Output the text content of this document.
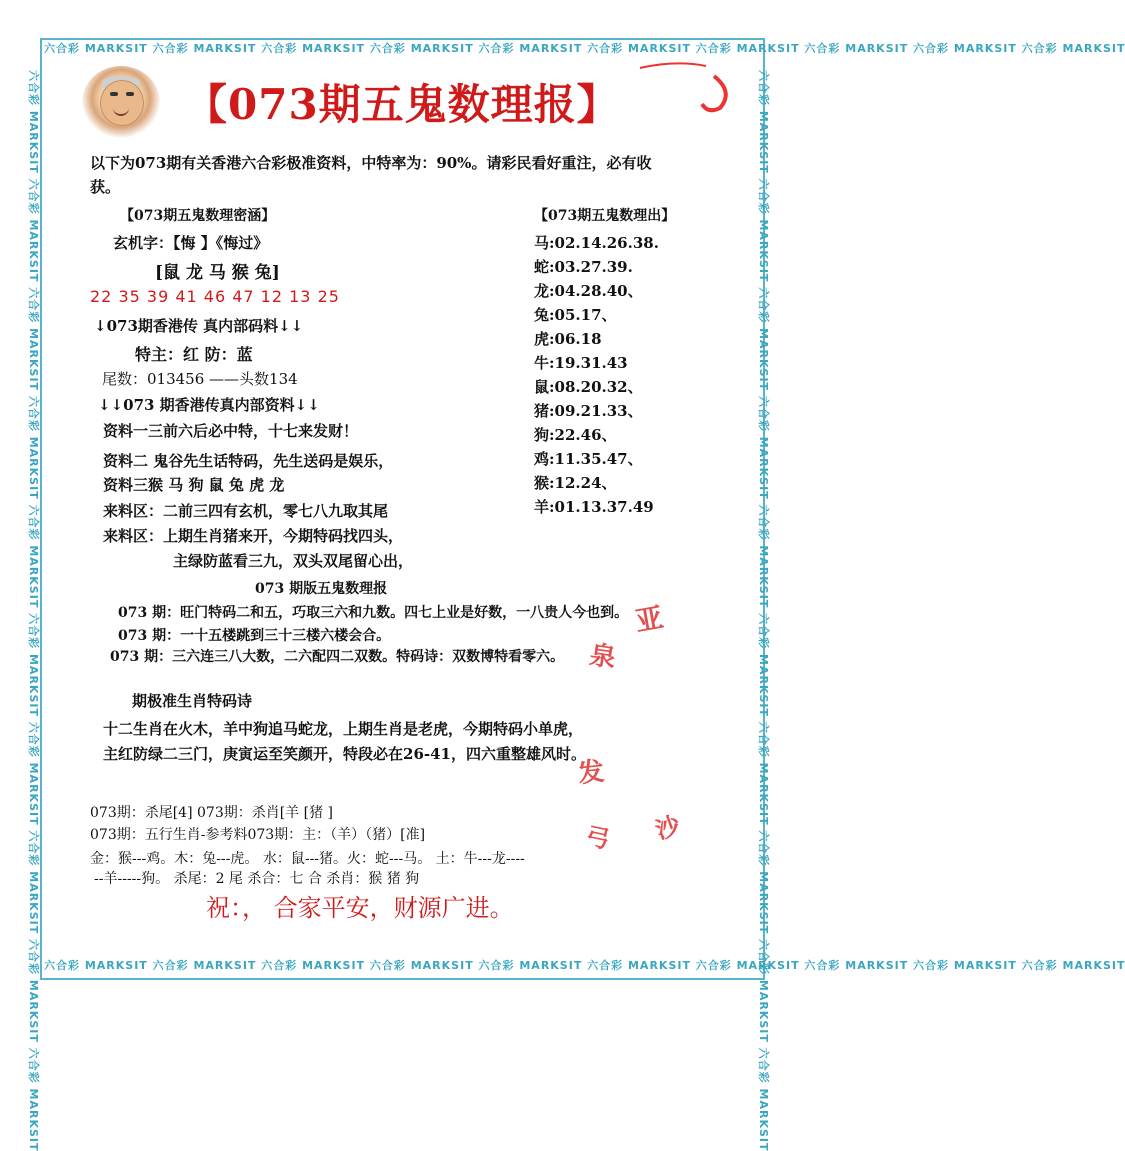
六合彩 MARKSIT 六合彩 MARKSIT 六合彩 MARKSIT 六合彩 MARKSIT 六合彩 MARKSIT 六合彩 MARKSIT 六合彩 MARKSIT 六合彩 MARKSIT 六合彩 MARKSIT 六合彩 MARKSIT
六合彩 MARKSIT 六合彩 MARKSIT 六合彩 MARKSIT 六合彩 MARKSIT 六合彩 MARKSIT 六合彩 MARKSIT 六合彩 MARKSIT 六合彩 MARKSIT 六合彩 MARKSIT 六合彩 MARKSIT
六合彩 MARKSIT 六合彩 MARKSIT 六合彩 MARKSIT 六合彩 MARKSIT 六合彩 MARKSIT 六合彩 MARKSIT 六合彩 MARKSIT 六合彩 MARKSIT 六合彩 MARKSIT 六合彩 MARKSIT	六合彩 MARKSIT 六合彩 MARKSIT 六合彩 MARKSIT 六合彩 MARKSIT 六合彩 MARKSIT 六合彩 MARKSIT 六合彩 MARKSIT 六合彩 MARKSIT 六合彩 MARKSIT 六合彩 MARKSIT
【073期五鬼数理报】
以下为073期有关香港六合彩极准资料，中特率为：90%。请彩民看好重注，必有收
获。
【073期五鬼数理密涵】	【073期五鬼数理出】
玄机字：【悔 】《悔过》
[鼠 龙 马 猴 兔]
22 35 39 41 46 47 12 13 25
↓073期香港传 真内部码料↓↓
特主：红 防：蓝
尾数：013456 ——头数134
↓↓073 期香港传真内部资料↓↓
资料一三前六后必中特，十七来发财！
资料二 鬼谷先生话特码，先生送码是娱乐，
资料三猴 马 狗 鼠 兔 虎 龙
来料区：二前三四有玄机，零七八九取其尾
来料区：上期生肖猪来开，今期特码找四头，
主绿防蓝看三九，双头双尾留心出，
马:02.14.26.38.
蛇:03.27.39.
龙:04.28.40、
兔:05.17、
虎:06.18
牛:19.31.43
鼠:08.20.32、
猪:09.21.33、
狗:22.46、
鸡:11.35.47、
猴:12.24、
羊:01.13.37.49
073 期版五鬼数理报
073 期：旺门特码二和五，巧取三六和九数。四七上业是好数，一八贵人今也到。
073 期：一十五楼跳到三十三楼六楼会合。
073 期：三六连三八大数，二六配四二双数。特码诗：双数博特看零六。
亚
泉
发
弓 沙
期极准生肖特码诗
十二生肖在火木，羊中狗追马蛇龙，上期生肖是老虎，今期特码小单虎，
主红防绿二三门，庚寅运至笑颜开，特段必在26-41，四六重整雄风时。
073期：杀尾[4] 073期：杀肖[羊 [猪 ]
073期：五行生肖-参考料073期：主：（羊）（猪）[准]
金：猴---鸡。木：兔---虎。 水：鼠---猪。火：蛇---马。 土：牛---龙----
--羊-----狗。 杀尾：2 尾 杀合：七 合 杀肖：猴 猪 狗
祝：， 合家平安，财源广进。
